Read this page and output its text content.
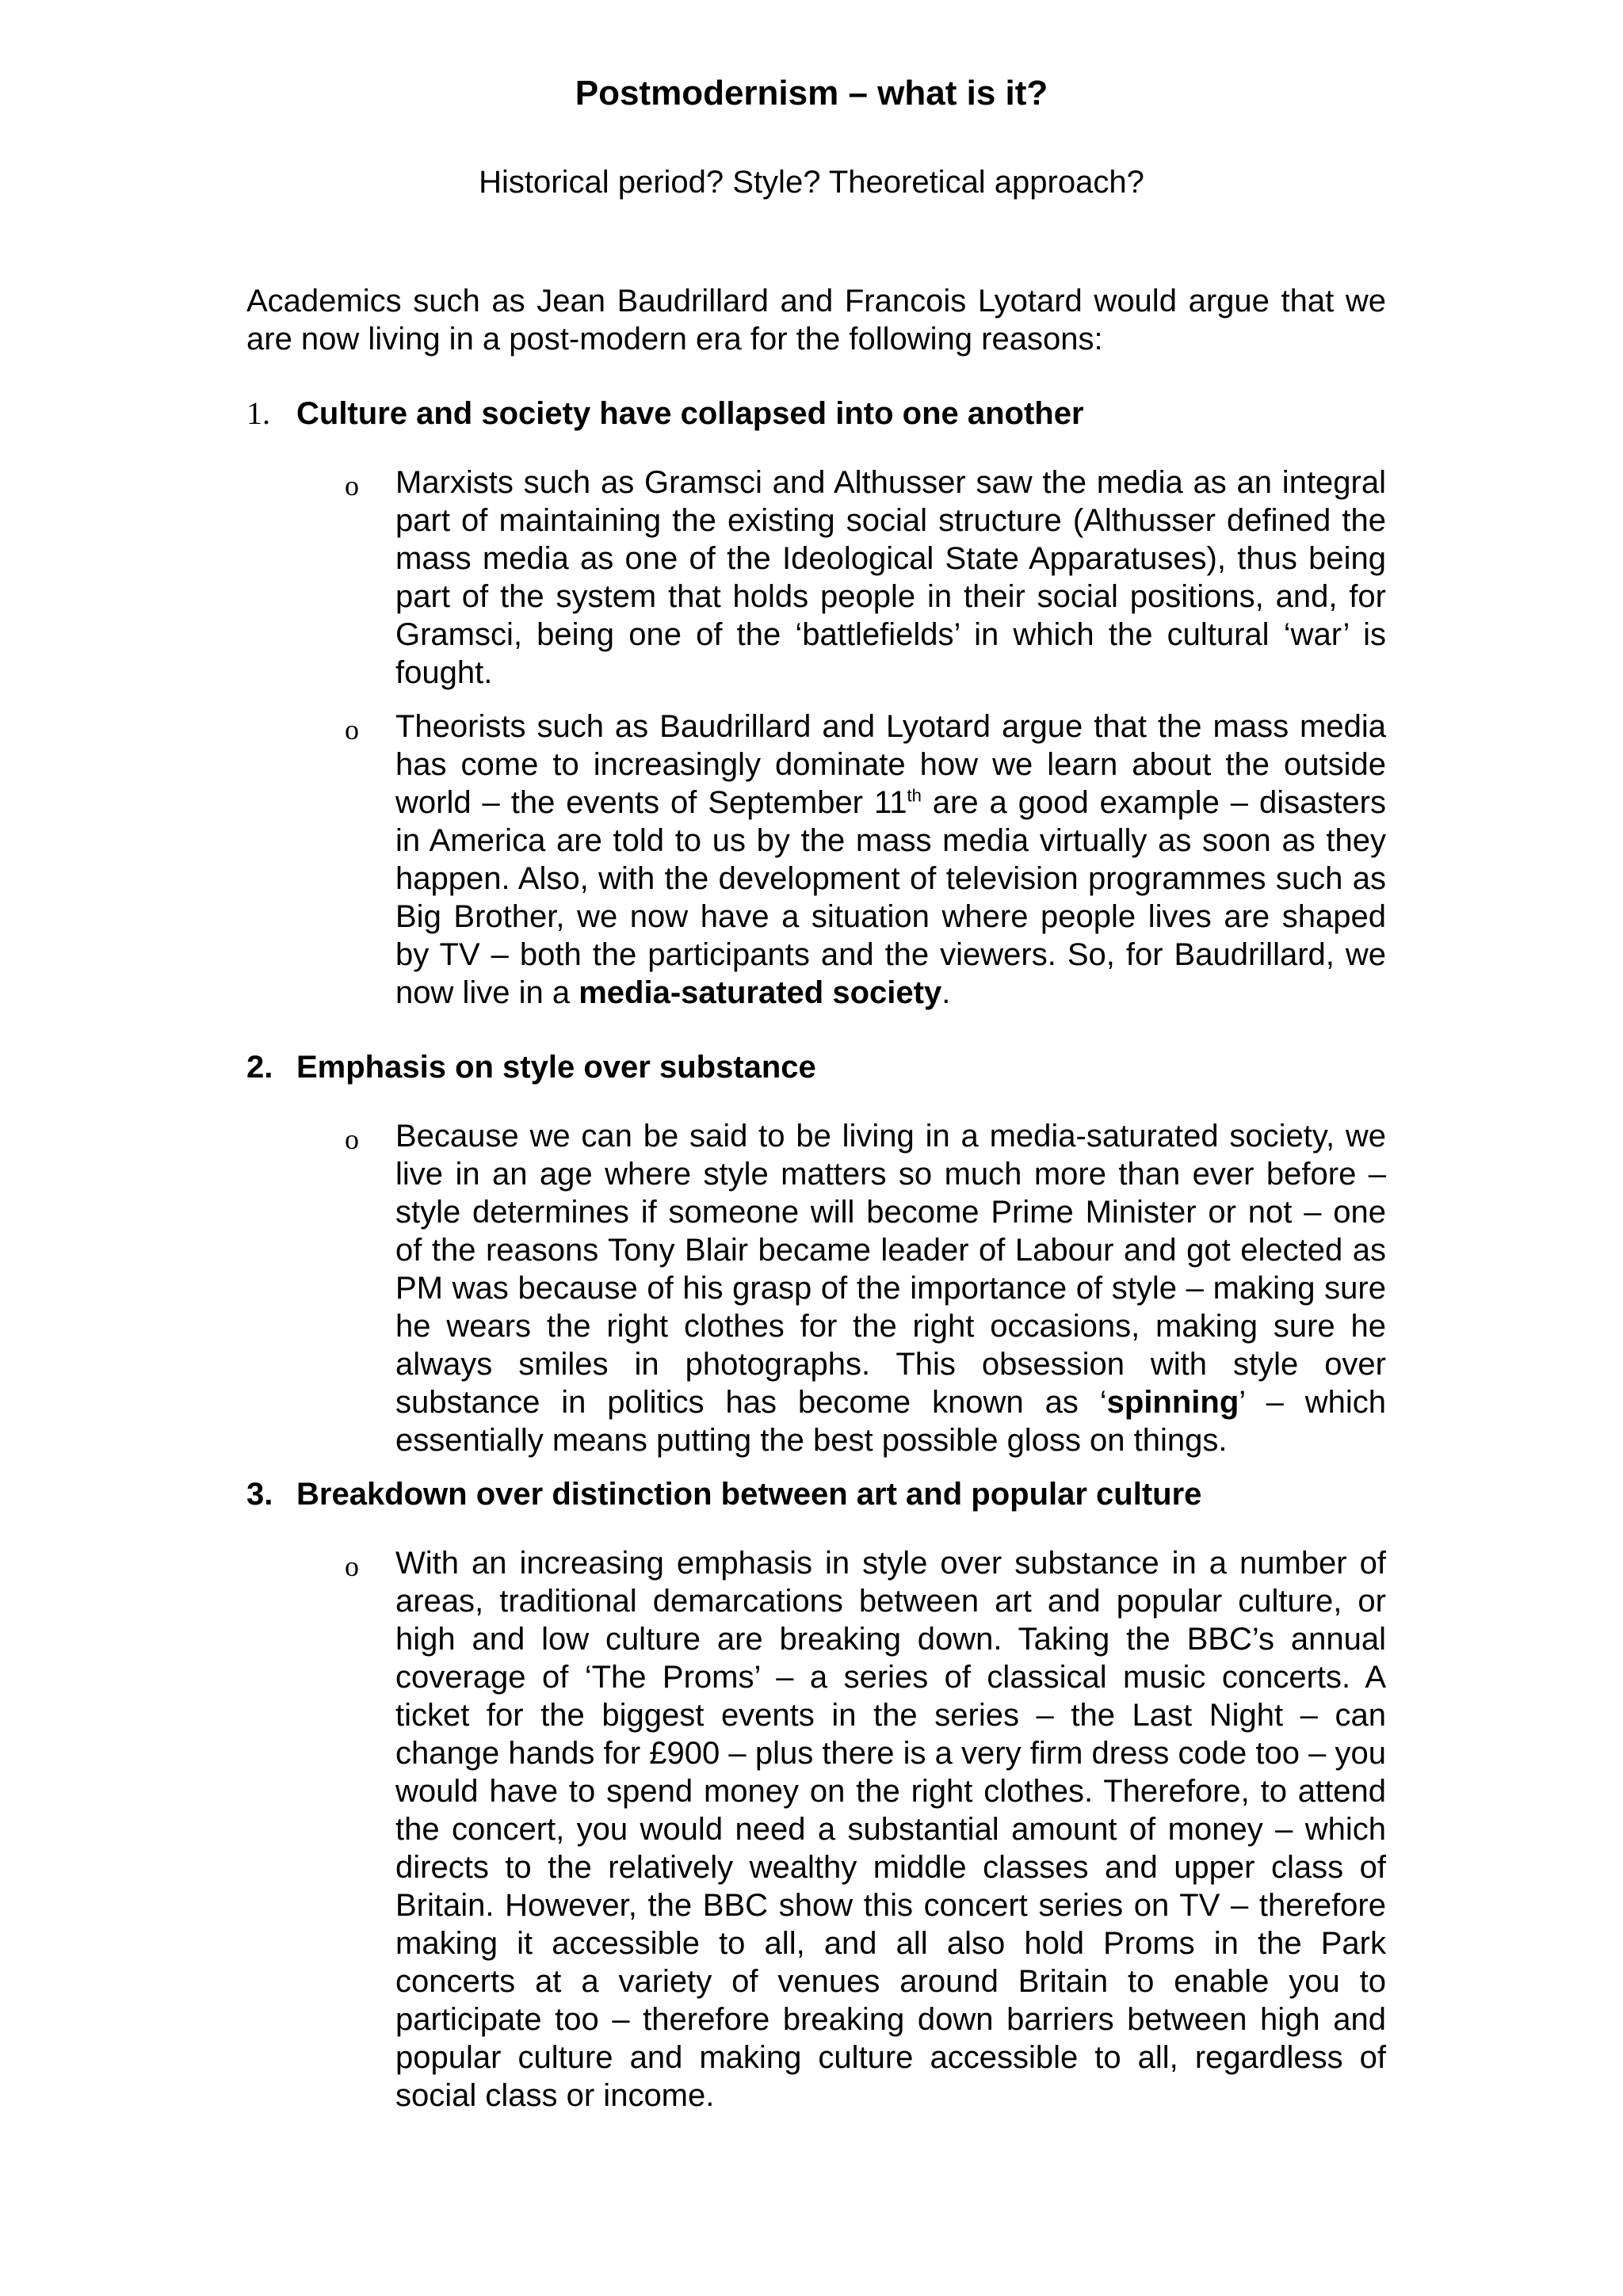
Postmodernism – what is it?
Historical period? Style? Theoretical approach?

Academics such as Jean Baudrillard and Francois Lyotard would argue that we are now living in a post-modern era for the following reasons:

1. Culture and society have collapsed into one another
o	Marxists such as Gramsci and Althusser saw the media as an integral part of maintaining the existing social structure (Althusser defined the mass media as one of the Ideological State Apparatuses), thus being part of the system that holds people in their social positions, and, for Gramsci, being one of the ‘battlefields’ in which the cultural ‘war’ is fought.

o	Theorists such as Baudrillard and Lyotard argue that the mass media has come to increasingly dominate how we learn about the outside world – the events of September 11th are a good example – disasters in America are told to us by the mass media virtually as soon as they happen. Also, with the development of television programmes such as Big Brother, we now have a situation where people lives are shaped by TV – both the participants and the viewers. So, for Baudrillard, we now live in a media-saturated society.

2. Emphasis on style over substance
o	Because we can be said to be living in a media-saturated society, we live in an age where style matters so much more than ever before – style determines if someone will become Prime Minister or not – one of the reasons Tony Blair became leader of Labour and got elected as PM was because of his grasp of the importance of style – making sure he wears the right clothes for the right occasions, making sure he always smiles in photographs. This obsession with style over substance in politics has become known as ‘spinning’ – which essentially means putting the best possible gloss on things.

3. Breakdown over distinction between art and popular culture
o	With an increasing emphasis in style over substance in a number of areas, traditional demarcations between art and popular culture, or high and low culture are breaking down. Taking the BBC’s annual coverage of ‘The Proms’ – a series of classical music concerts. A ticket for the biggest events in the series – the Last Night – can change hands for £900 – plus there is a very firm dress code too – you would have to spend money on the right clothes. Therefore, to attend the concert, you would need a substantial amount of money – which directs to the relatively wealthy middle classes and upper class of Britain. However, the BBC show this concert series on TV – therefore making it accessible to all, and all also hold Proms in the Park concerts at a variety of venues around Britain to enable you to participate too – therefore breaking down barriers between high and popular culture and making culture accessible to all, regardless of social class or income.
